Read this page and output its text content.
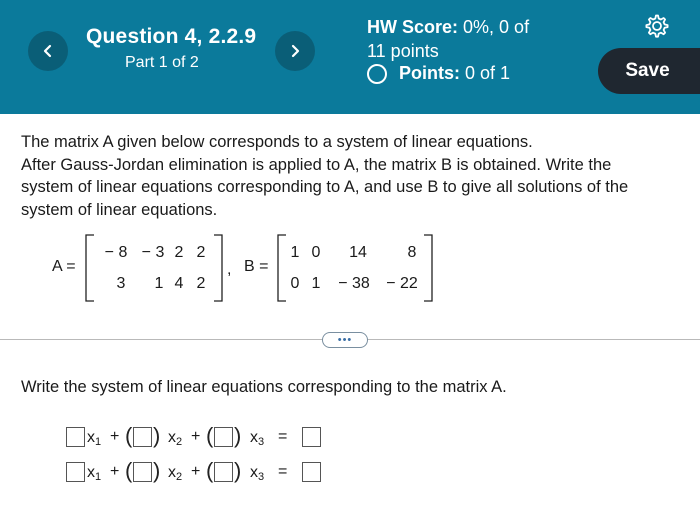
Question 4, 2.2.9
Part 1 of 2
HW Score: 0%, 0 of
11 points
Points:
0 of 1	Save
The matrix A given below corresponds to a system of linear equations.
After Gauss-Jordan elimination is applied to A, the matrix B is obtained. Write the
system of linear equations corresponding to A, and use B to give all solutions of the
system of linear equations.
A =
− 8 − 3 2 2
3 1 4 2
, B =
1 0	14	8
0 1 − 38 − 22
•••
Write the system of linear equations corresponding to the matrix A.
$x_1$ + ( ) $x_2$ + ( ) $x_3$ =
$x_1$ + ( ) $x_2$ + ( ) $x_3$ =
